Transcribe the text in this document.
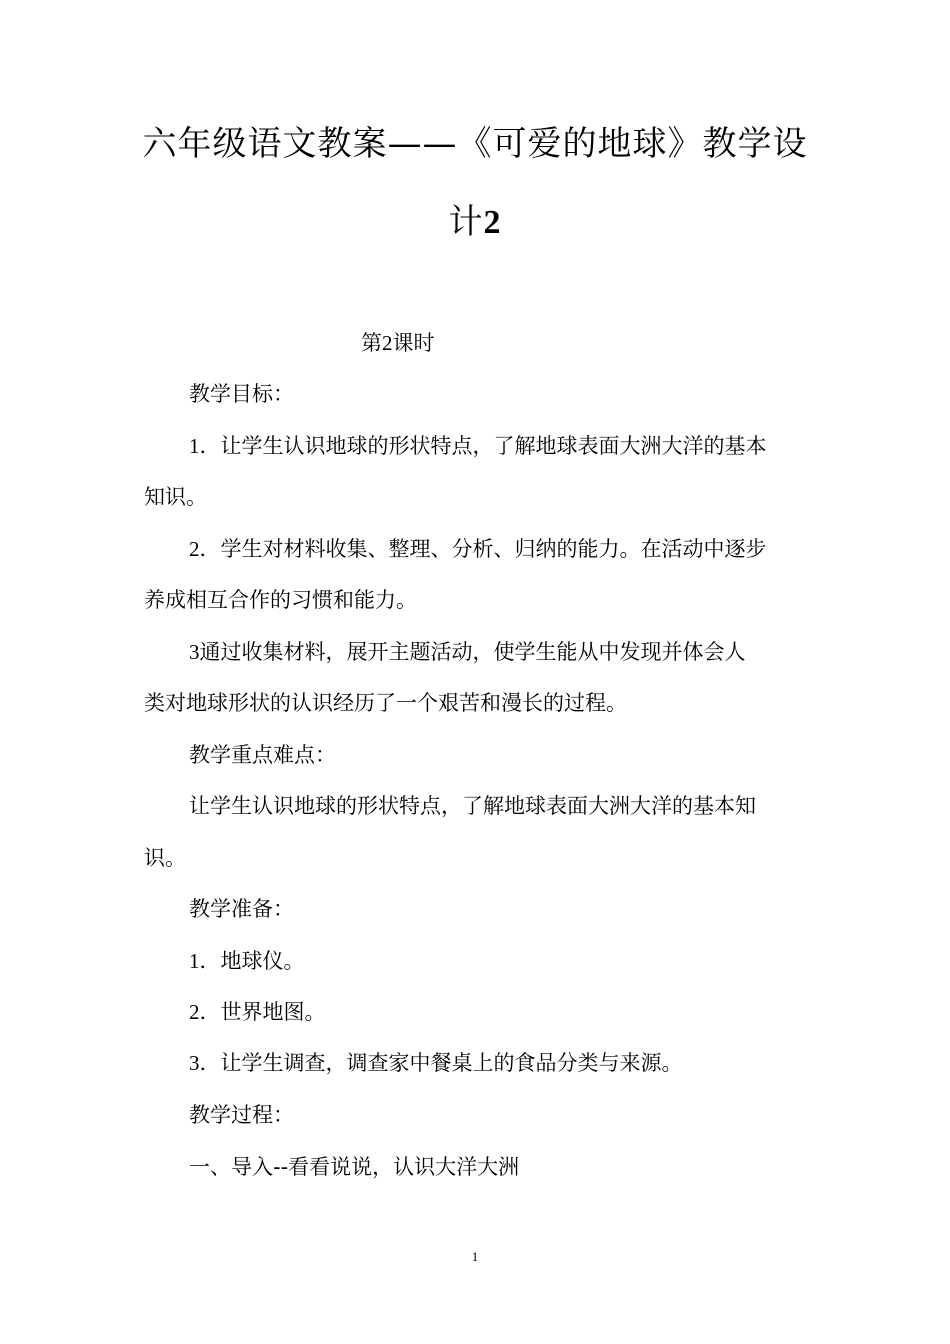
六年级语文教案——《可爱的地球》教学设
计2
第2课时
教学目标：
1．让学生认识地球的形状特点，了解地球表面大洲大洋的基本
知识。
2．学生对材料收集、整理、分析、归纳的能力。在活动中逐步
养成相互合作的习惯和能力。
3通过收集材料，展开主题活动，使学生能从中发现并体会人
类对地球形状的认识经历了一个艰苦和漫长的过程。
教学重点难点：
让学生认识地球的形状特点，了解地球表面大洲大洋的基本知
识。
教学准备：
1．地球仪。
2．世界地图。
3．让学生调查，调查家中餐桌上的食品分类与来源。
教学过程：
一、导入--看看说说，认识大洋大洲
1
